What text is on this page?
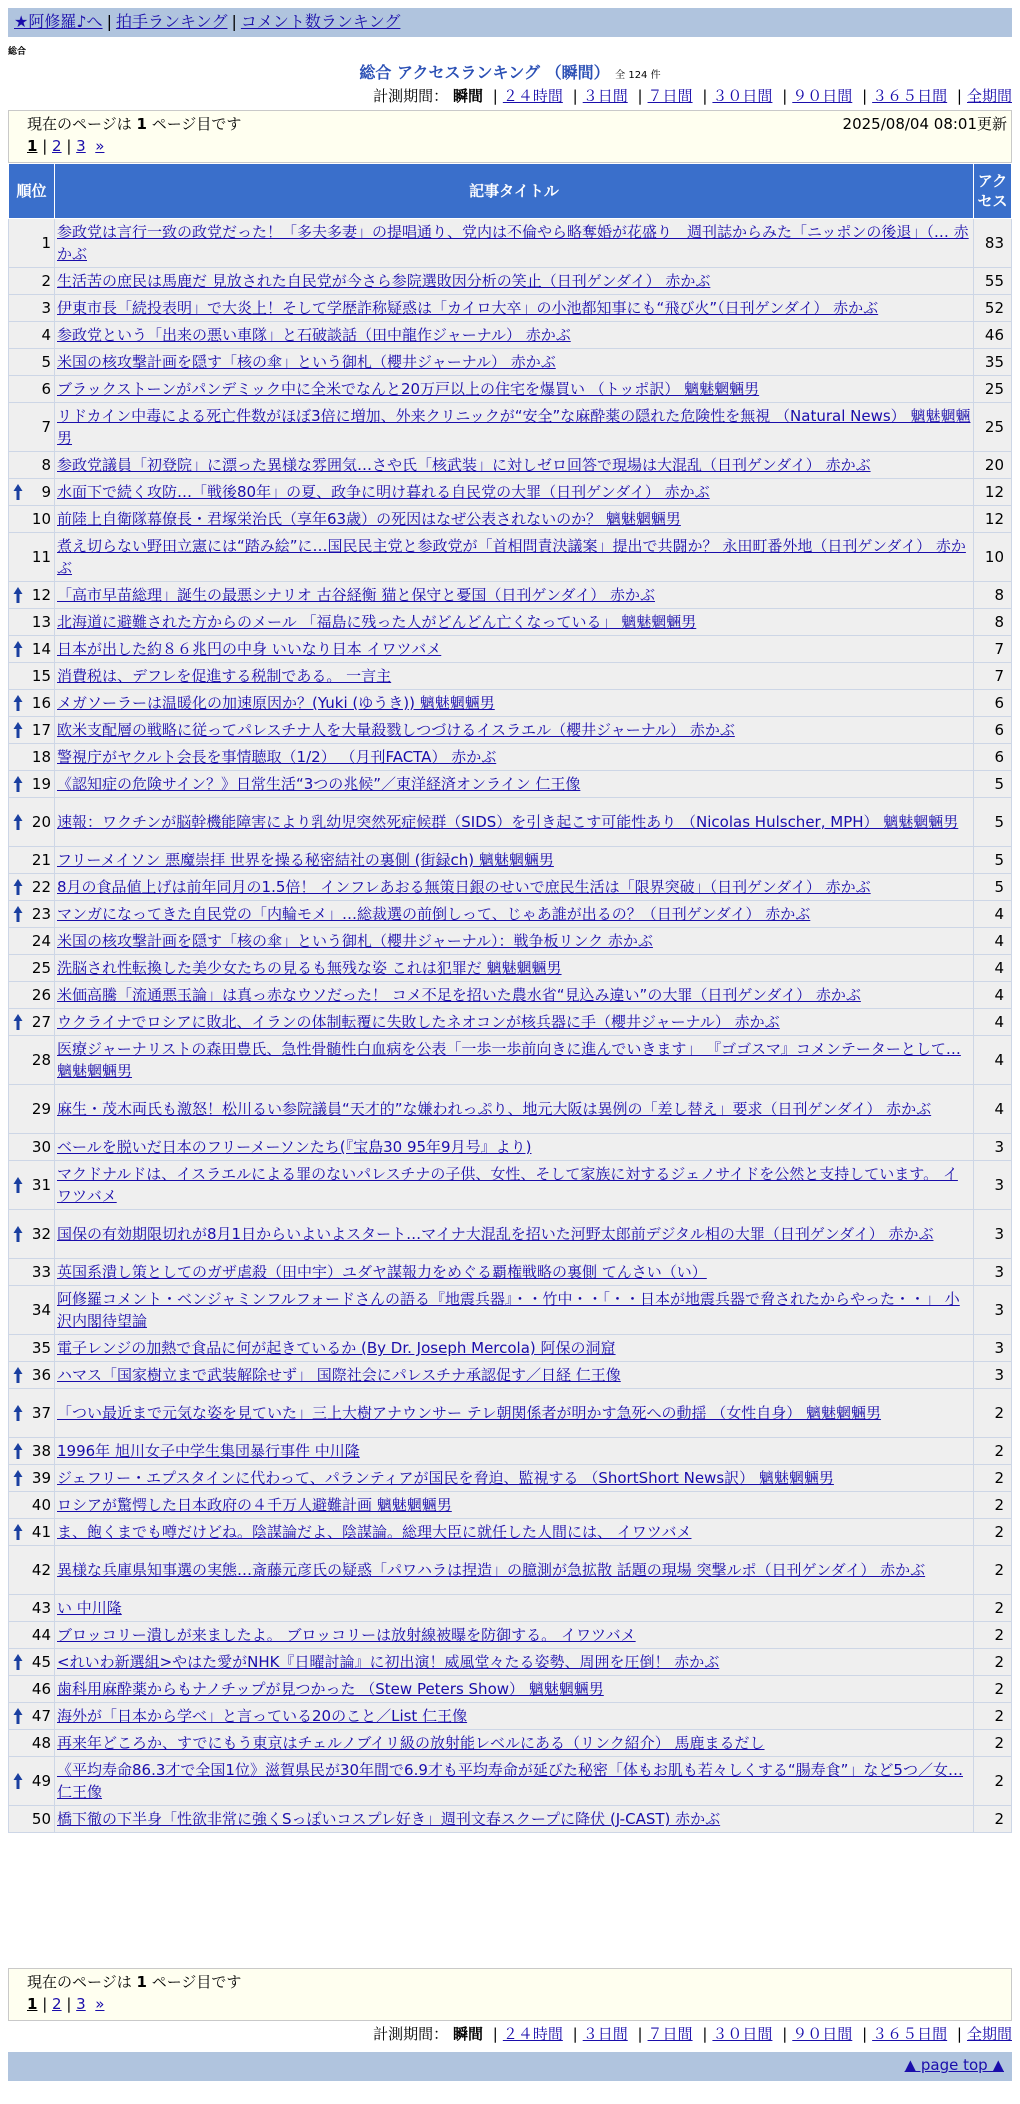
★阿修羅♪へ | 拍手ランキング | コメント数ランキング
総合
総合 アクセスランキング （瞬間） 全 124 件
計測期間： 瞬間 | ２４時間 | ３日間 | ７日間 | ３０日間 | ９０日間 | ３６５日間 | 全期間
現在のページは 1 ページ目です	2025/08/04 08:01更新
1 | 2 | 3 »
順位	記事タイトル	アクセス
1	参政党は言行一致の政党だった！「多夫多妻」の提唱通り、党内は不倫やら略奪婚が花盛り　週刊誌からみた「ニッポンの後退」（… 赤かぶ	83
2	生活苦の庶民は馬鹿だ 見放された自民党が今さら参院選敗因分析の笑止（日刊ゲンダイ） 赤かぶ	55
3	伊東市長「続投表明」で大炎上！そして学歴詐称疑惑は「カイロ大卒」の小池都知事にも“飛び火”（日刊ゲンダイ） 赤かぶ	52
4	参政党という「出来の悪い車隊」と石破談話（田中龍作ジャーナル） 赤かぶ	46
5	米国の核攻撃計画を隠す「核の傘」という御札（櫻井ジャーナル） 赤かぶ	35
6	ブラックストーンがパンデミック中に全米でなんと20万戸以上の住宅を爆買い （トッポ訳） 魑魅魍魎男	25
7	リドカイン中毒による死亡件数がほぼ3倍に増加、外来クリニックが“安全”な麻酔薬の隠れた危険性を無視 （Natural News） 魑魅魍魎男	25
8	参政党議員「初登院」に漂った異様な雰囲気…さや氏「核武装」に対しゼロ回答で現場は大混乱（日刊ゲンダイ） 赤かぶ	20

9	水面下で続く攻防…「戦後80年」の夏、政争に明け暮れる自民党の大罪（日刊ゲンダイ） 赤かぶ	12
10	前陸上自衛隊幕僚長・君塚栄治氏（享年63歳）の死因はなぜ公表されないのか？ 魑魅魍魎男	12
11	煮え切らない野田立憲には“踏み絵”に…国民民主党と参政党が「首相問責決議案」提出で共闘か？ 永田町番外地（日刊ゲンダイ） 赤かぶ	10

12	「高市早苗総理」誕生の最悪シナリオ 古谷経衡 猫と保守と憂国（日刊ゲンダイ） 赤かぶ	8
13	北海道に避難された方からのメール 「福島に残った人がどんどん亡くなっている」 魑魅魍魎男	8

14	日本が出した約８６兆円の中身 いいなり日本 イワツバメ	7
15	消費税は、デフレを促進する税制である。 一言主	7

16	メガソーラーは温暖化の加速原因か？(Yuki (ゆうき)) 魑魅魍魎男	6

17	欧米支配層の戦略に従ってパレスチナ人を大量殺戮しつづけるイスラエル（櫻井ジャーナル） 赤かぶ	6
18	警視庁がヤクルト会長を事情聴取（1/2） （月刊FACTA） 赤かぶ	6

19	《認知症の危険サイン？》日常生活“3つの兆候”／東洋経済オンライン 仁王像	5

20	速報：ワクチンが脳幹機能障害により乳幼児突然死症候群（SIDS）を引き起こす可能性あり （Nicolas Hulscher, MPH） 魑魅魍魎男	5
21	フリーメイソン 悪魔崇拝 世界を操る秘密結社の裏側 (街録ch) 魑魅魍魎男	5

22	8月の食品値上げは前年同月の1.5倍！ インフレあおる無策日銀のせいで庶民生活は「限界突破」（日刊ゲンダイ） 赤かぶ	5

23	マンガになってきた自民党の「内輪モメ」…総裁選の前倒しって、じゃあ誰が出るの？（日刊ゲンダイ） 赤かぶ	4
24	米国の核攻撃計画を隠す「核の傘」という御札（櫻井ジャーナル）：戦争板リンク 赤かぶ	4
25	洗脳され性転換した美少女たちの見るも無残な姿 これは犯罪だ 魑魅魍魎男	4
26	米価高騰「流通悪玉論」は真っ赤なウソだった！ コメ不足を招いた農水省“見込み違い”の大罪（日刊ゲンダイ） 赤かぶ	4

27	ウクライナでロシアに敗北、イランの体制転覆に失敗したネオコンが核兵器に手（櫻井ジャーナル） 赤かぶ	4
28	医療ジャーナリストの森田豊氏、急性骨髄性白血病を公表「一歩一歩前向きに進んでいきます」 『ゴゴスマ』コメンテーターとして… 魑魅魍魎男	4
29	麻生・茂木両氏も激怒！松川るい参院議員“天才的”な嫌われっぷり、地元大阪は異例の「差し替え」要求（日刊ゲンダイ） 赤かぶ	4
30	ベールを脱いだ日本のフリーメーソンたち(『宝島30 95年9月号』より)	3

31	マクドナルドは、イスラエルによる罪のないパレスチナの子供、女性、そして家族に対するジェノサイドを公然と支持しています。 イワツバメ	3

32	国保の有効期限切れが8月1日からいよいよスタート…マイナ大混乱を招いた河野太郎前デジタル相の大罪（日刊ゲンダイ） 赤かぶ	3
33	英国系潰し策としてのガザ虐殺（田中宇）ユダヤ謀報力をめぐる覇権戦略の裏側 てんさい（い）	3
34	阿修羅コメント・ベンジャミンフルフォードさんの語る『地震兵器』・・竹中・・「・・日本が地震兵器で脅されたからやった・・」 小沢内閣待望論	3
35	電子レンジの加熱で食品に何が起きているか (By Dr. Joseph Mercola) 阿保の洞窟	3

36	ハマス「国家樹立まで武装解除せず」 国際社会にパレスチナ承認促す／日経 仁王像	3

37	「つい最近まで元気な姿を見ていた」三上大樹アナウンサー テレ朝関係者が明かす急死への動揺 （女性自身） 魑魅魍魎男	2

38	1996年 旭川女子中学生集団暴行事件 中川隆	2

39	ジェフリー・エプスタインに代わって、パランティアが国民を脅迫、監視する （ShortShort News訳） 魑魅魍魎男	2
40	ロシアが驚愕した日本政府の４千万人避難計画 魑魅魍魎男	2

41	ま、飽くまでも噂だけどね。陰謀論だよ、陰謀論。総理大臣に就任した人間には、 イワツバメ	2
42	異様な兵庫県知事選の実態…斎藤元彦氏の疑惑「パワハラは捏造」の臆測が急拡散 話題の現場 突撃ルポ（日刊ゲンダイ） 赤かぶ	2
43	い 中川隆	2
44	ブロッコリー潰しが来ましたよ。 ブロッコリーは放射線被曝を防御する。 イワツバメ	2

45	<れいわ新選組>やはた愛がNHK『日曜討論』に初出演！威風堂々たる姿勢、周囲を圧倒！ 赤かぶ	2
46	歯科用麻酔薬からもナノチップが見つかった （Stew Peters Show） 魑魅魍魎男	2

47	海外が「日本から学べ」と言っている20のこと／List 仁王像	2
48	再来年どころか、すでにもう東京はチェルノブイリ級の放射能レベルにある（リンク紹介） 馬鹿まるだし	2

49	《平均寿命86.3才で全国1位》滋賀県民が30年間で6.9才も平均寿命が延びた秘密「体もお肌も若々しくする“腸寿食”」など5つ／女… 仁王像	2
50	橋下徹の下半身「性欲非常に強くSっぽいコスプレ好き」週刊文春スクープに降伏 (J-CAST) 赤かぶ	2
現在のページは 1 ページ目です
1 | 2 | 3 »
計測期間： 瞬間 | ２４時間 | ３日間 | ７日間 | ３０日間 | ９０日間 | ３６５日間 | 全期間
▲ page top ▲
